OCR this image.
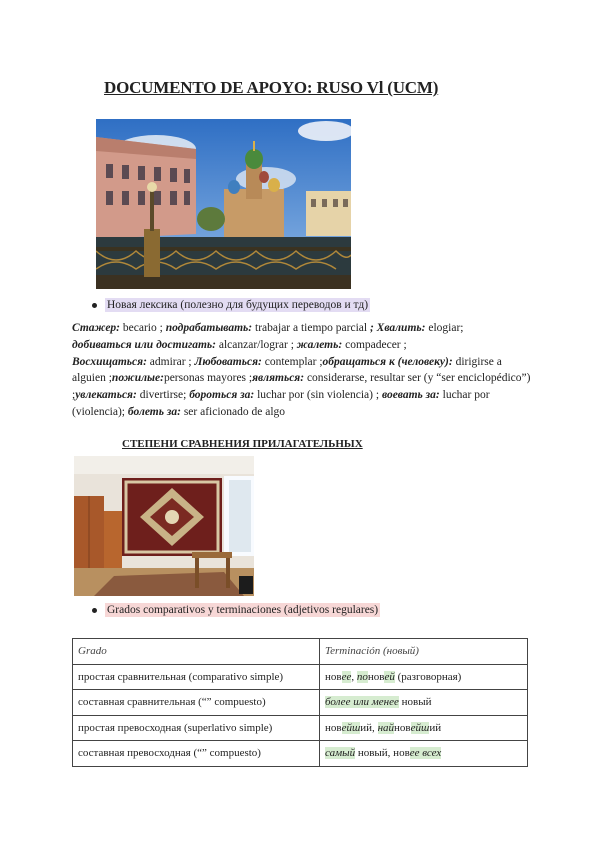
DOCUMENTO DE APOYO: RUSO Vl (UCM)
Новая лексика (полезно для будущих переводов и тд)
Стажер: becario ; подрабатывать: trabajar a tiempo parcial ; Хвалить: elogiar;
добиваться или достигать: alcanzar/lograr ; жалеть: compadecer ;
Восхищаться: admirar ; Любоваться: contemplar ;обращаться к (человеку): dirigirse a alguien ;пожилые:personas mayores ;являться: considerarse, resultar ser (y “ser enciclopédico”) ;увлекаться: divertirse; бороться за: luchar por (sin violencia) ; воевать за: luchar por (violencia); болеть за: ser aficionado de algo
СТЕПЕНИ СРАВНЕНИЯ ПРИЛАГАТЕЛЬНЫХ
Grados comparativos y terminaciones (adjetivos regulares)
Grado	Terminación (новый)
простая сравнительная (comparativo simple)	новее, поновей (разговорная)
составная сравнительная (“” compuesto)	более или менее новый
простая превосходная (superlativo simple)	новейший, найновейший
составная превосходная (“” compuesto)	самый новый, новее всех
